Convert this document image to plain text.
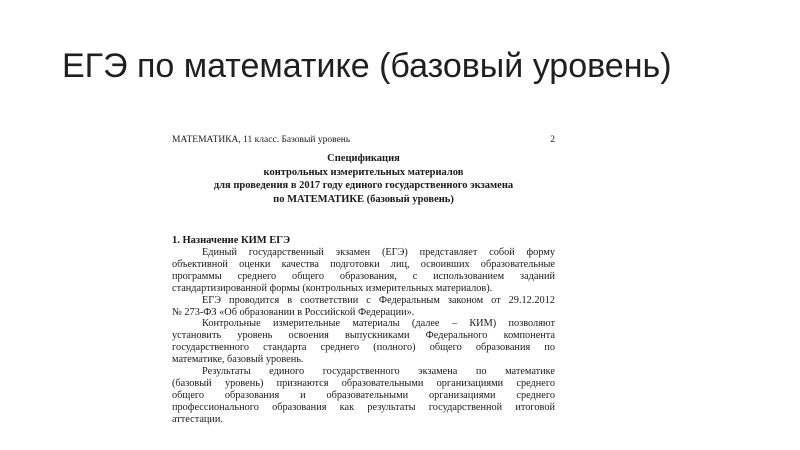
ЕГЭ по математике (базовый уровень)
МАТЕМАТИКА, 11 класс. Базовый уровень	2
Спецификация
контрольных измерительных материалов
для проведения в 2017 году единого государственного экзамена
по МАТЕМАТИКЕ (базовый уровень)
1. Назначение КИМ ЕГЭ
Единый государственный экзамен (ЕГЭ) представляет собой форму
объективной оценки качества подготовки лиц, освоивших образовательные
программы среднего общего образования, с использованием заданий
стандартизированной формы (контрольных измерительных материалов).
ЕГЭ проводится в соответствии с Федеральным законом от 29.12.2012
№ 273-ФЗ «Об образовании в Российской Федерации».
Контрольные измерительные материалы (далее – КИМ) позволяют
установить уровень освоения выпускниками Федерального компонента
государственного стандарта среднего (полного) общего образования по
математике, базовый уровень.
Результаты единого государственного экзамена по математике
(базовый уровень) признаются образовательными организациями среднего
общего образования и образовательными организациями среднего
профессионального образования как результаты государственной итоговой
аттестации.
